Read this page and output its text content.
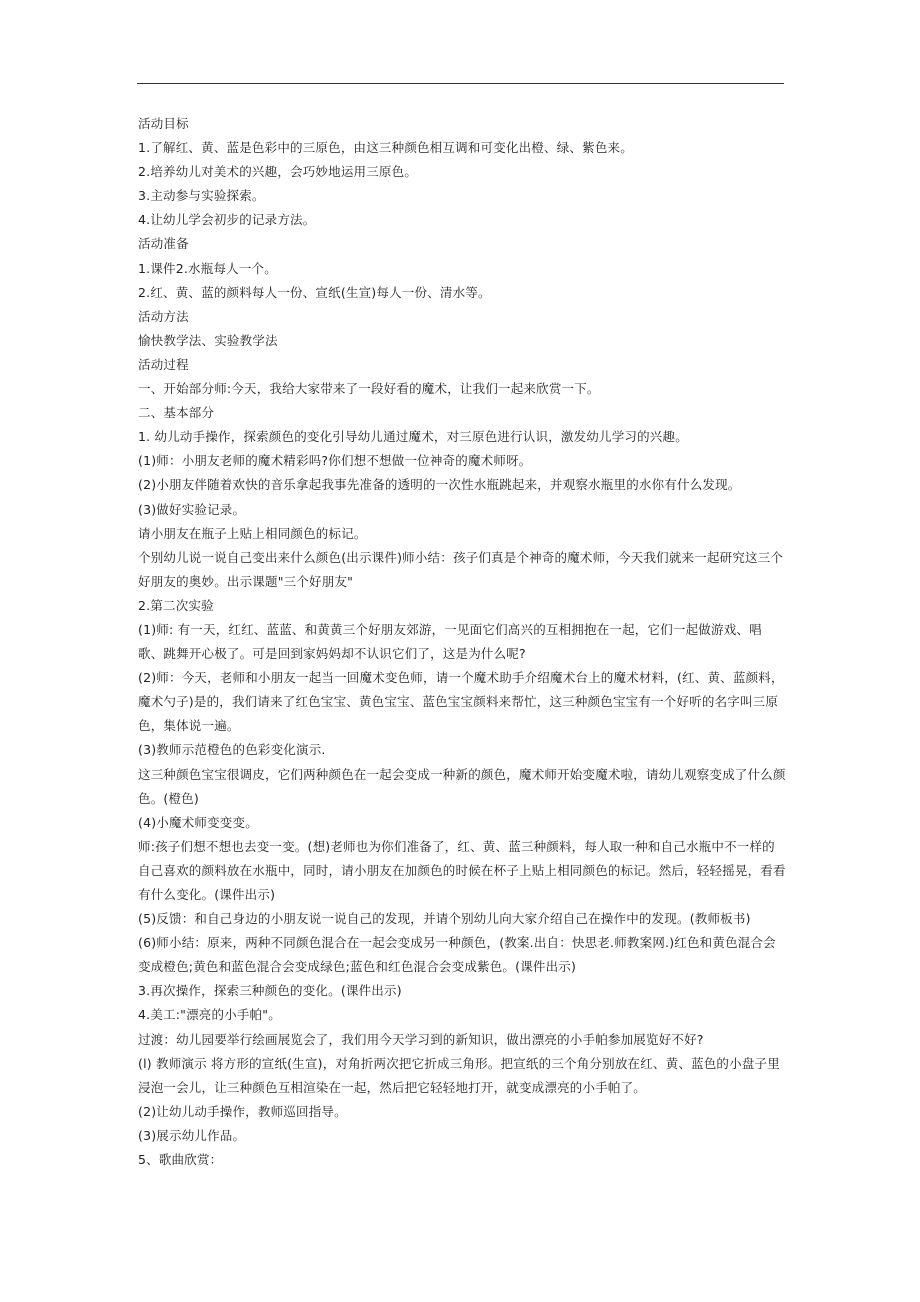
活动目标

1.了解红、黄、蓝是色彩中的三原色，由这三种颜色相互调和可变化出橙、绿、紫色来。

2.培养幼儿对美术的兴趣，会巧妙地运用三原色。

3.主动参与实验探索。

4.让幼儿学会初步的记录方法。

活动准备

1.课件2.水瓶每人一个。

2.红、黄、蓝的颜料每人一份、宣纸(生宣)每人一份、清水等。

活动方法

愉快教学法、实验教学法

活动过程

一、开始部分师:今天，我给大家带来了一段好看的魔术，让我们一起来欣赏一下。

二、基本部分

1. 幼儿动手操作，探索颜色的变化引导幼儿通过魔术，对三原色进行认识，激发幼儿学习的兴趣。

(1)师：小朋友老师的魔术精彩吗?你们想不想做一位神奇的魔术师呀。

(2)小朋友伴随着欢快的音乐拿起我事先准备的透明的一次性水瓶跳起来，并观察水瓶里的水你有什么发现。

(3)做好实验记录。

请小朋友在瓶子上贴上相同颜色的标记。

个别幼儿说一说自己变出来什么颜色(出示课件)师小结：孩子们真是个神奇的魔术师，今天我们就来一起研究这三个好朋友的奥妙。出示课题"三个好朋友"

2.第二次实验

(1)师: 有一天，红红、蓝蓝、和黄黄三个好朋友郊游，一见面它们高兴的互相拥抱在一起，它们一起做游戏、唱歌、跳舞开心极了。可是回到家妈妈却不认识它们了，这是为什么呢?

(2)师：今天，老师和小朋友一起当一回魔术变色师，请一个魔术助手介绍魔术台上的魔术材料，(红、黄、蓝颜料，魔术勺子)是的，我们请来了红色宝宝、黄色宝宝、蓝色宝宝颜料来帮忙，这三种颜色宝宝有一个好听的名字叫三原色，集体说一遍。

(3)教师示范橙色的色彩变化演示.

这三种颜色宝宝很调皮，它们两种颜色在一起会变成一种新的颜色，魔术师开始变魔术啦，请幼儿观察变成了什么颜色。(橙色)

(4)小魔术师变变变。

师:孩子们想不想也去变一变。(想)老师也为你们准备了，红、黄、蓝三种颜料，每人取一种和自己水瓶中不一样的自己喜欢的颜料放在水瓶中，同时，请小朋友在加颜色的时候在杯子上贴上相同颜色的标记。然后，轻轻摇晃，看看有什么变化。(课件出示)

(5)反馈：和自己身边的小朋友说一说自己的发现，并请个别幼儿向大家介绍自己在操作中的发现。(教师板书)

(6)师小结：原来，两种不同颜色混合在一起会变成另一种颜色，(教案.出自：快思老.师教案网.)红色和黄色混合会变成橙色;黄色和蓝色混合会变成绿色;蓝色和红色混合会变成紫色。(课件出示)

3.再次操作，探索三种颜色的变化。(课件出示)

4.美工:"漂亮的小手帕"。

过渡：幼儿园要举行绘画展览会了，我们用今天学习到的新知识，做出漂亮的小手帕参加展览好不好?

(l) 教师演示 将方形的宣纸(生宣)，对角折两次把它折成三角形。把宣纸的三个角分别放在红、黄、蓝色的小盘子里浸泡一会儿，让三种颜色互相渲染在一起，然后把它轻轻地打开，就变成漂亮的小手帕了。

(2)让幼儿动手操作，教师巡回指导。

(3)展示幼儿作品。

5、歌曲欣赏：
